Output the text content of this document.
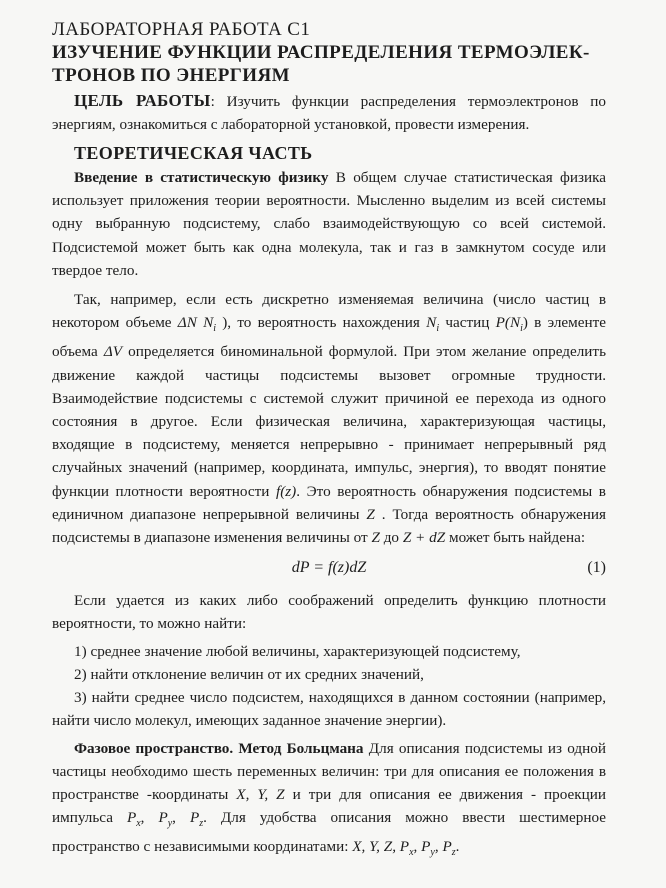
ЛАБОРАТОРНАЯ РАБОТА С1
ИЗУЧЕНИЕ ФУНКЦИИ РАСПРЕДЕЛЕНИЯ ТЕРМОЭЛЕК-
ТРОНОВ ПО ЭНЕРГИЯМ
ЦЕЛЬ РАБОТЫ: Изучить функции распределения термоэлектронов по энергиям, ознакомиться с лабораторной установкой, провести измерения.
ТЕОРЕТИЧЕСКАЯ ЧАСТЬ

Введение в статистическую физику В общем случае статистическая физика использует приложения теории вероятности. Мысленно выделим из всей системы одну выбранную подсистему, слабо взаимодействующую со всей системой. Подсистемой может быть как одна молекула, так и газ в замкнутом сосуде или твердое тело.

Так, например, если есть дискретно изменяемая величина (число частиц в некотором объеме ΔN $N_i$ ), то вероятность нахождения $N_i$ частиц $P(N_i)$ в элементе объема ΔV определяется биноминальной формулой. При этом желание определить движение каждой частицы подсистемы вызовет огромные трудности. Взаимодействие подсистемы с системой служит причиной ее перехода из одного состояния в другое. Если физическая величина, характеризующая частицы, входящие в подсистему, меняется непрерывно - принимает непрерывный ряд случайных значений (например, координата, импульс, энергия), то вводят понятие функции плотности вероятности f(z). Это вероятность обнаружения подсистемы в единичном диапазоне непрерывной величины Z . Тогда вероятность обнаружения подсистемы в диапазоне изменения величины от Z до Z + dZ может быть найдена:

dP = f(z)dZ	(1)

Если удается из каких либо соображений определить функцию плотности вероятности, то можно найти:

1) среднее значение любой величины, характеризующей подсистему,
2) найти отклонение величин от их средних значений,
3) найти среднее число подсистем, находящихся в данном состоянии (например, найти число молекул, имеющих заданное значение энергии).

Фазовое пространство. Метод Больцмана Для описания подсистемы из одной частицы необходимо шесть переменных величин: три для описания ее положения в пространстве -координаты X, Y, Z и три для описания ее движения - проекции импульса $P_x$, $P_y$, $P_z$. Для удобства описания можно ввести шестимерное пространство с независимыми координатами: X, Y, Z, $P_x$, $P_y$, $P_z$.
